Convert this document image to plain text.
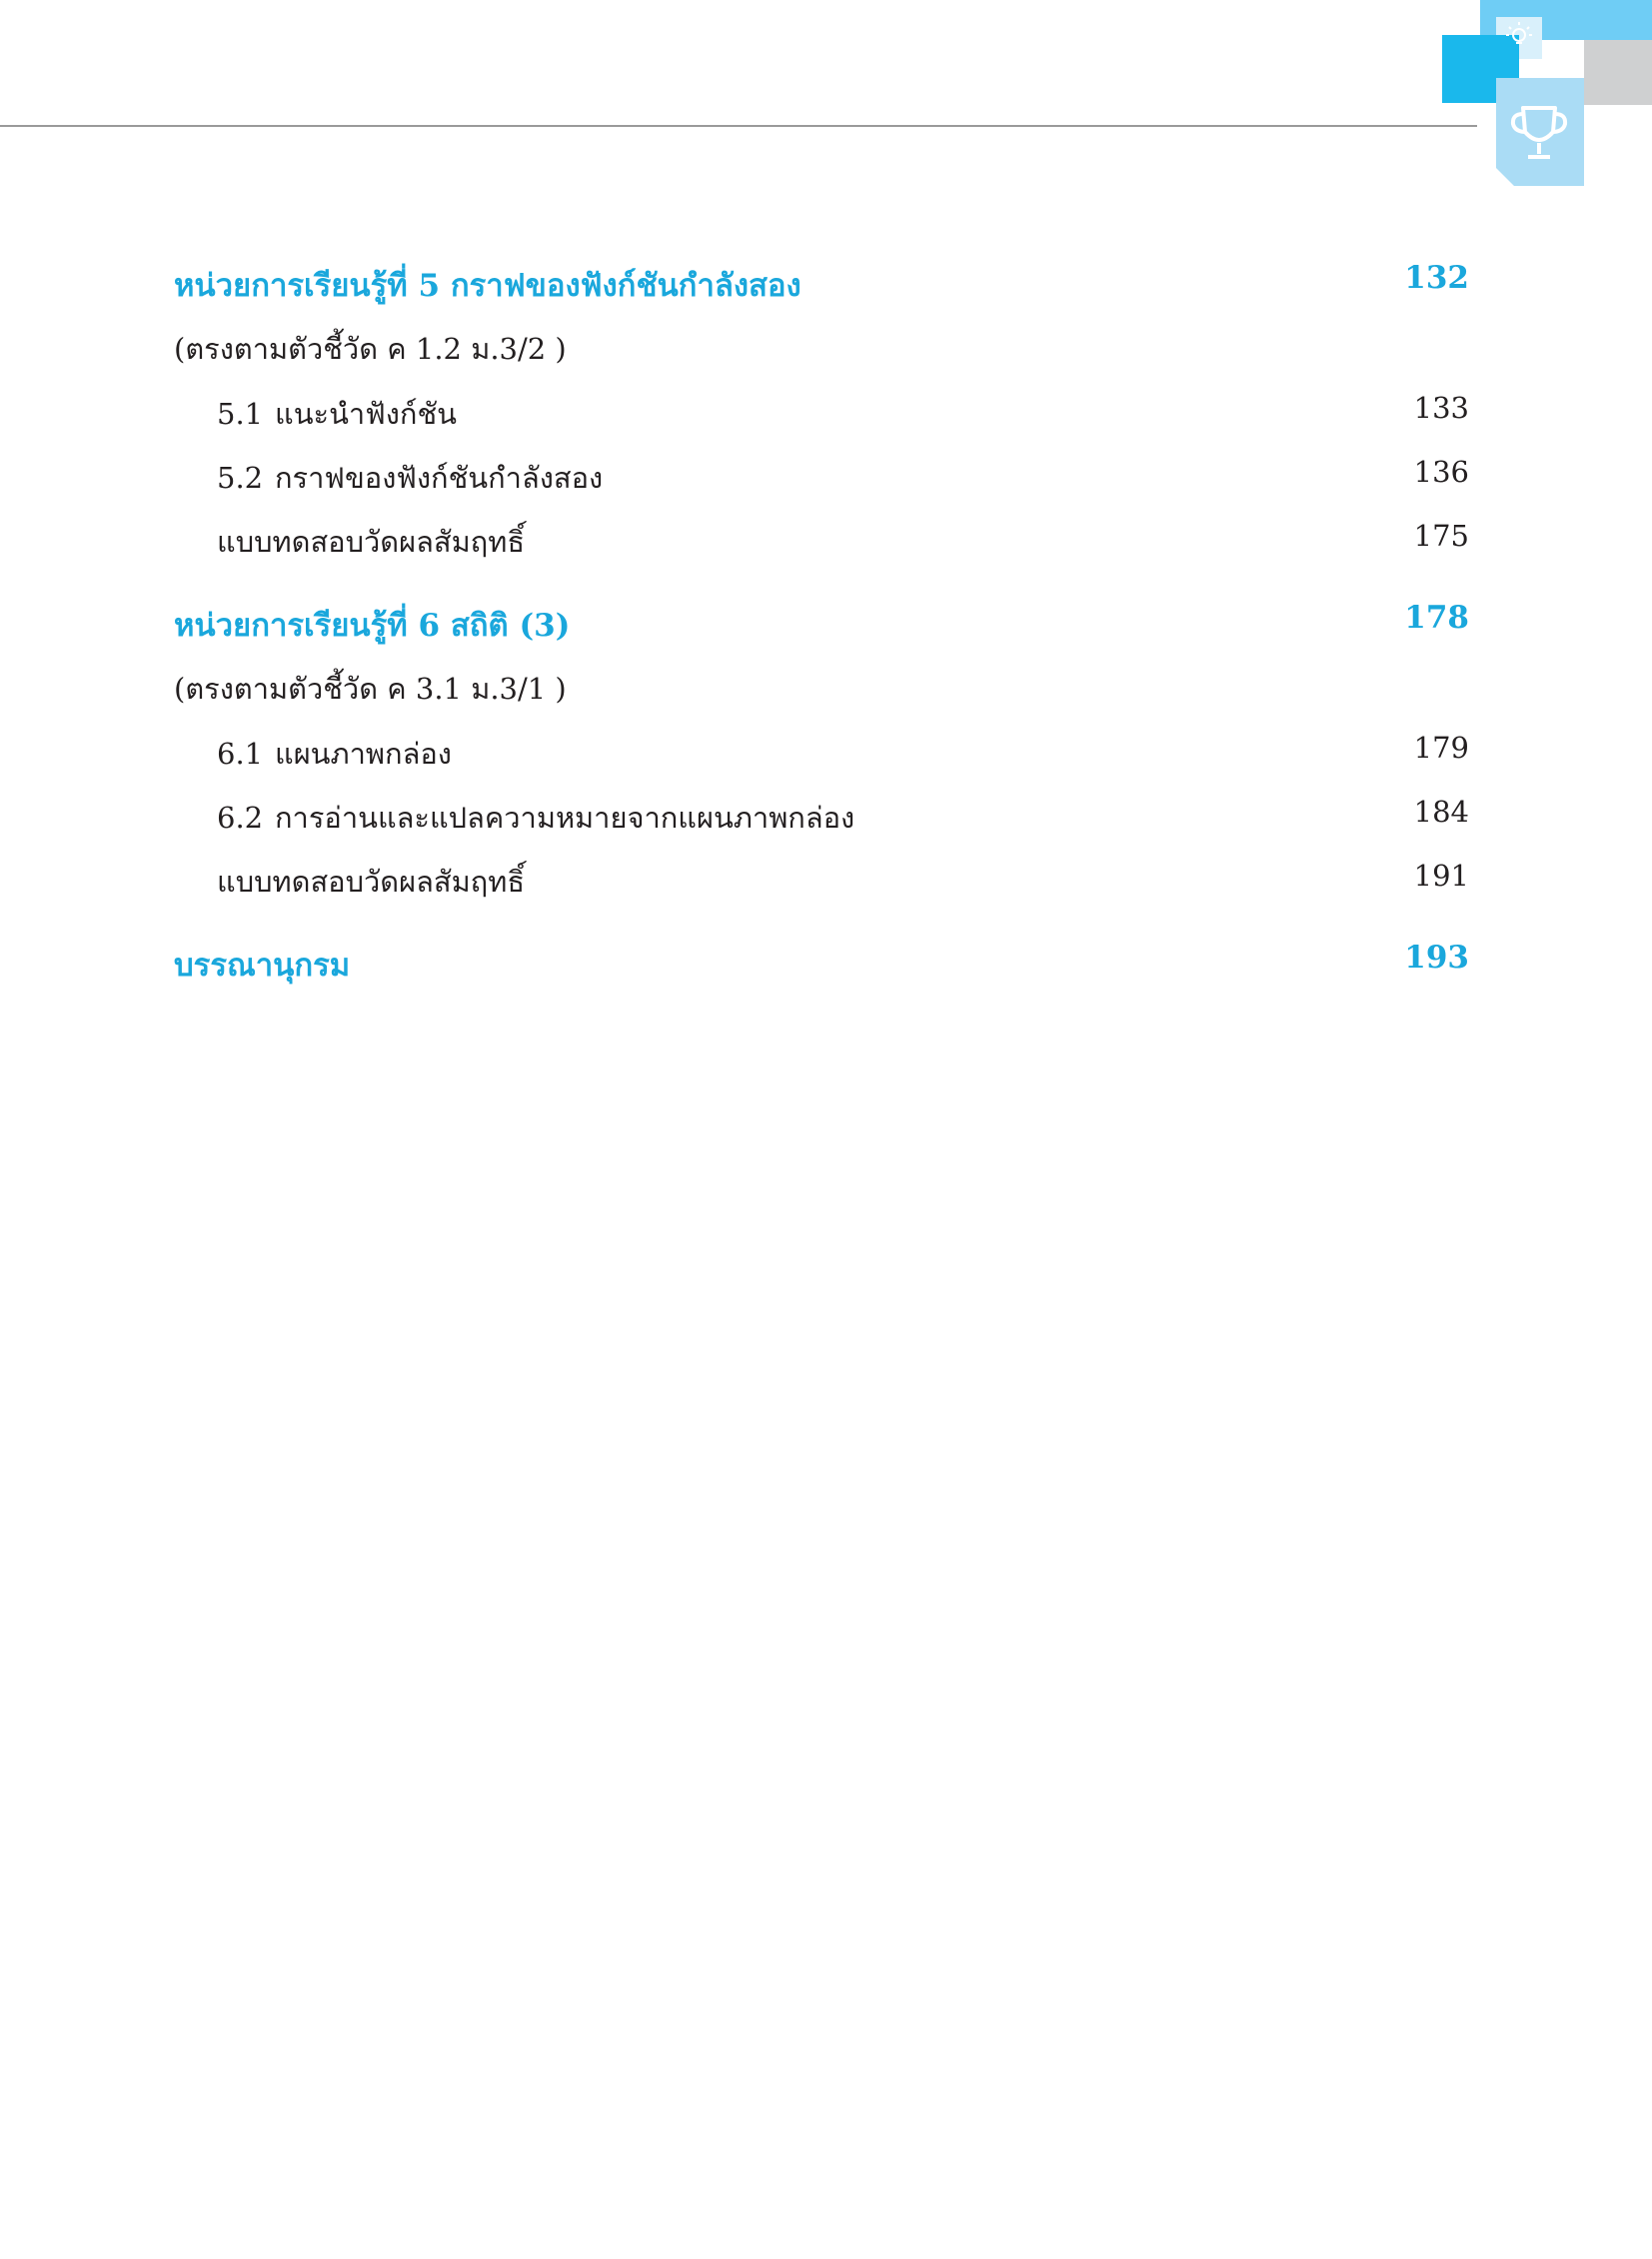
หน่วยการเรียนรู้ที่ 5 กราฟของฟังก์ชันกำลังสอง	132
(ตรงตามตัวชี้วัด ค 1.2 ม.3/2 )
5.1 แนะนำฟังก์ชัน	133
5.2 กราฟของฟังก์ชันกำลังสอง	136
แบบทดสอบวัดผลสัมฤทธิ์	175
หน่วยการเรียนรู้ที่ 6 สถิติ (3)	178
(ตรงตามตัวชี้วัด ค 3.1 ม.3/1 )
6.1 แผนภาพกล่อง	179
6.2 การอ่านและแปลความหมายจากแผนภาพกล่อง	184
แบบทดสอบวัดผลสัมฤทธิ์	191
บรรณานุกรม	193
